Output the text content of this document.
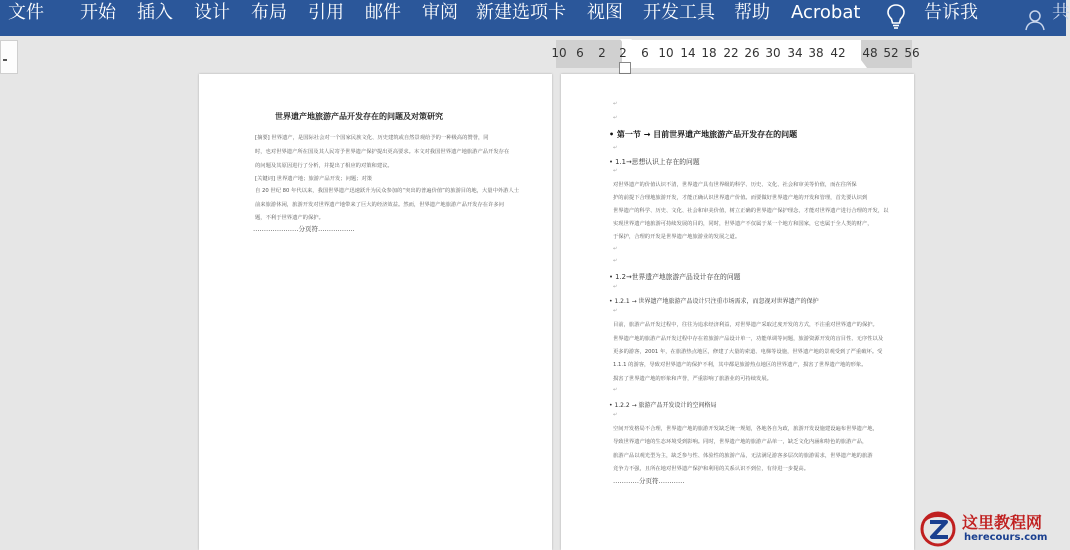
文件 开始 插入 设计 布局 引用 邮件 审阅 新建选项卡 视图 开发工具 帮助 Acrobat	告诉我	共
10 6 2 2 6 10 14 18 22 26 30 34 38 42 48 52 56
世界遗产地旅游产品开发存在的问题及对策研究
[摘要] 世界遗产，是国际社会对一个国家民族文化、历史建筑或自然景观给予的一种极高的赞誉，同
时，也对世界遗产所在国及其人民寄予世界遗产保护提出更高要求。本文对我国世界遗产地旅游产品开发存在
的问题及其原因进行了分析，并提出了相应的对策和建议。
[关键词] 世界遗产地；旅游产品开发；问题；对策
自 20 世纪 80 年代以来，我国世界遗产迅速跃升为民众参加的“突出的普遍价值”的旅游目的地，大量中外游人士
前来旅游休闲，旅游开发对世界遗产地带来了巨大的经济效益。然而，世界遗产地旅游产品开发存在许多问
题，不利于世界遗产的保护。
…………………分页符……………..
↵
↵
• 第一节 → 目前世界遗产地旅游产品开发存在的问题
↵
• 1.1→思想认识上存在的问题
↵
对世界遗产的价值认识不清，世界遗产具有世界级的科学、历史、文化、社会和审美等价值，而在往所保
护的前提下合理地旅游开发，才能正确认识世界遗产价值。而要做好世界遗产地的开发和管理，首先要认识到
世界遗产的科学、历史、文化、社会和审美价值，树立正确的世界遗产保护理念，才能对世界遗产进行合理的开发，以
实现世界遗产地旅游可持续发展的目的，同时，世界遗产不仅属于某一个地方和国家，它也属于全人类的财产，
于保护，合理的开发是世界遗产地旅游业的发展之道。
↵
↵
• 1.2→世界遗产地旅游产品设计存在的问题
↵
• 1.2.1 → 世界遗产地旅游产品设计只注重市场需求，而忽视对世界遗产的保护
↵
目前，旅游产品开发过程中，往往为追求经济利益，对世界遗产采取过度开发的方式，不注重对世界遗产的保护。
世界遗产地的旅游产品开发过程中存在着旅游产品设计单一，功能单调等问题，旅游资源开发的盲目性、无序性以及
更多的游客，2001 年，在旅游热点地区，修建了大量的索道、电梯等设施，世界遗产地的景观受到了严重破坏。受
1.1.1 的游客，导致对世界遗产的保护不利，其中都是旅游热点地区的世界遗产，损害了世界遗产地的形象。
损害了世界遗产地的形象和声誉，严重影响了旅游业的可持续发展。
↵
• 1.2.2 → 旅游产品开发设计的空间格局
↵
空间开发格局不合理，世界遗产地的旅游开发缺乏统一规划，各地各自为政，旅游开发设施建设遍布世界遗产地，
导致世界遗产地的生态环境受到影响。同时，世界遗产地的旅游产品单一，缺乏文化内涵和特色的旅游产品，
旅游产品以观光型为主，缺乏参与性、体验性的旅游产品，无法满足游客多层次的旅游需求，世界遗产地的旅游
竞争力不强，且所在地对世界遗产保护和利用的关系认识不到位，有待进一步提高。
…………分页符…………
这里教程网
herecours.com
